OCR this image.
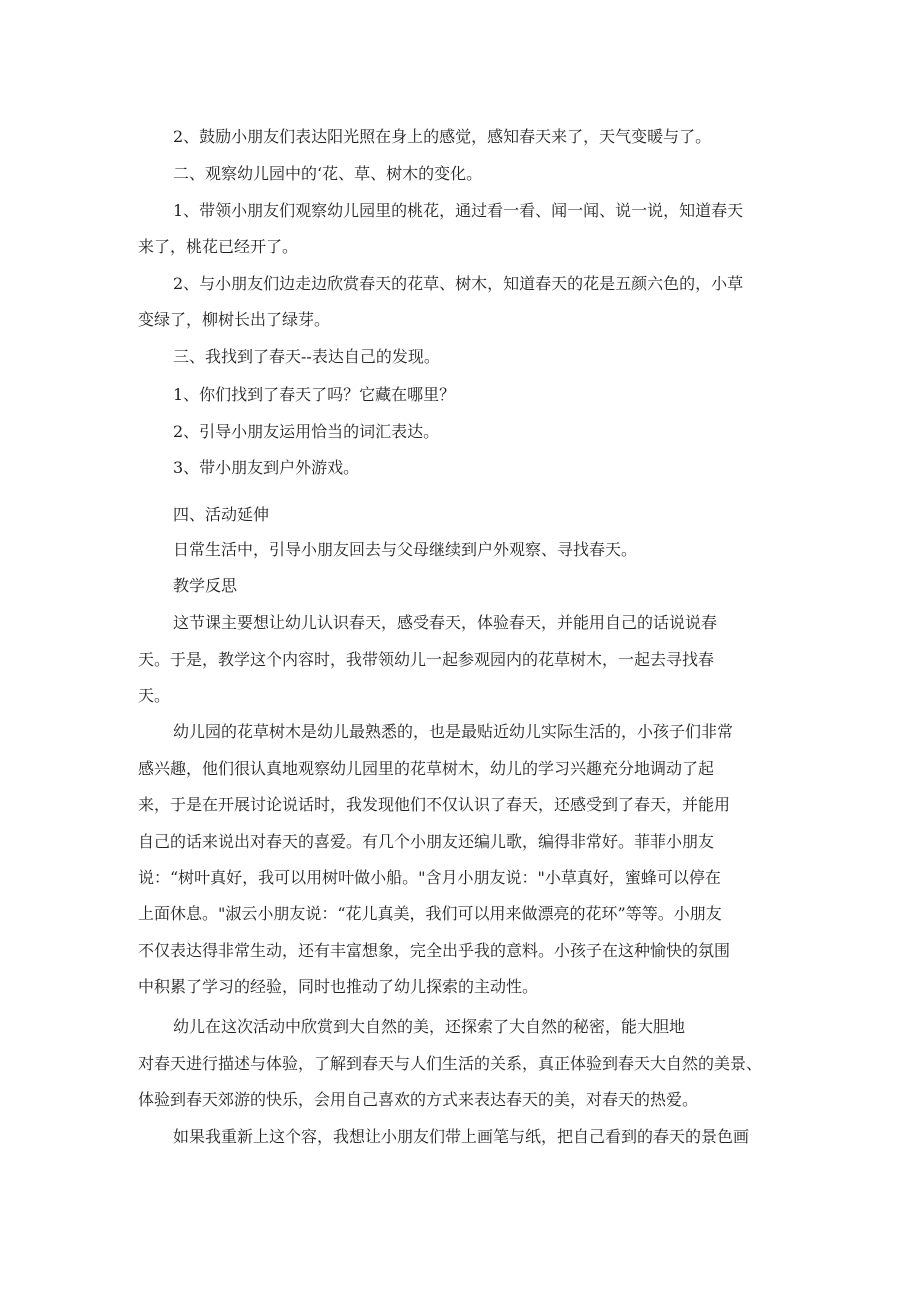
2、鼓励小朋友们表达阳光照在身上的感觉，感知春天来了，天气变暖与了。

二、观察幼儿园中的‘花、草、树木的变化。

1、带领小朋友们观察幼儿园里的桃花，通过看一看、闻一闻、说一说，知道春天

来了，桃花已经开了。

2、与小朋友们边走边欣赏春天的花草、树木，知道春天的花是五颜六色的，小草

变绿了，柳树长出了绿芽。

三、我找到了春天--表达自己的发现。

1、你们找到了春天了吗？它藏在哪里？

2、引导小朋友运用恰当的词汇表达。

3、带小朋友到户外游戏。

四、活动延伸

日常生活中，引导小朋友回去与父母继续到户外观察、寻找春天。

教学反思

这节课主要想让幼儿认识春天，感受春天，体验春天，并能用自己的话说说春

天。于是，教学这个内容时，我带领幼儿一起参观园内的花草树木，一起去寻找春

天。

幼儿园的花草树木是幼儿最熟悉的，也是最贴近幼儿实际生活的，小孩子们非常

感兴趣，他们很认真地观察幼儿园里的花草树木，幼儿的学习兴趣充分地调动了起

来，于是在开展讨论说话时，我发现他们不仅认识了春天，还感受到了春天，并能用

自己的话来说出对春天的喜爱。有几个小朋友还编儿歌，编得非常好。菲菲小朋友

说：“树叶真好，我可以用树叶做小船。"含月小朋友说："小草真好，蜜蜂可以停在

上面休息。"淑云小朋友说：“花儿真美，我们可以用来做漂亮的花环”等等。小朋友

不仅表达得非常生动，还有丰富想象，完全出乎我的意料。小孩子在这种愉快的氛围

中积累了学习的经验，同时也推动了幼儿探索的主动性。

幼儿在这次活动中欣赏到大自然的美，还探索了大自然的秘密，能大胆地

对春天进行描述与体验，了解到春天与人们生活的关系，真正体验到春天大自然的美景、

体验到春天郊游的快乐，会用自己喜欢的方式来表达春天的美，对春天的热爱。

如果我重新上这个容，我想让小朋友们带上画笔与纸，把自己看到的春天的景色画
